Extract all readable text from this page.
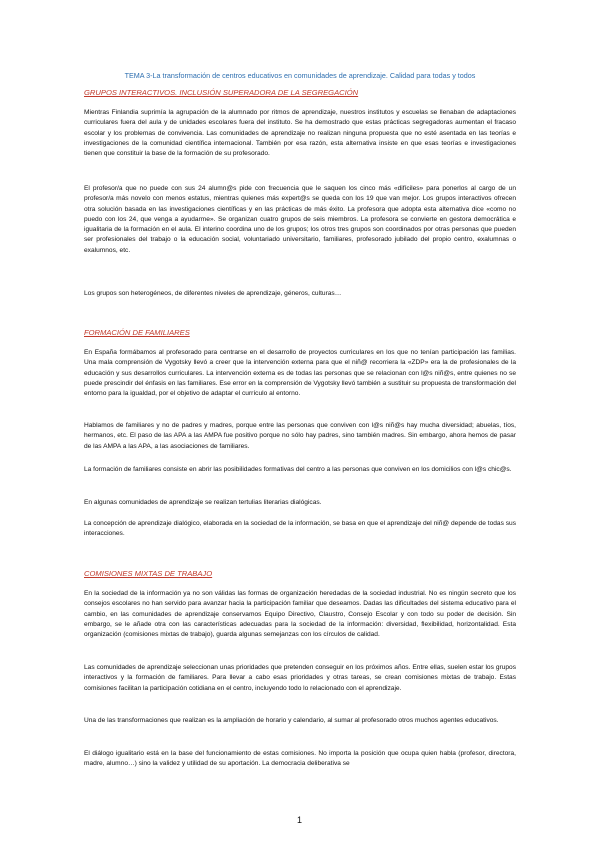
TEMA 3-La transformación de centros educativos en comunidades de aprendizaje. Calidad para todas y todos
GRUPOS INTERACTIVOS. INCLUSIÓN SUPERADORA DE LA SEGREGACIÓN

Mientras Finlandia suprimía la agrupación de la alumnado por ritmos de aprendizaje, nuestros institutos y escuelas se llenaban de adaptaciones curriculares fuera del aula y de unidades escolares fuera del instituto. Se ha demostrado que estas prácticas segregadoras aumentan el fracaso escolar y los problemas de convivencia. Las comunidades de aprendizaje no realizan ninguna propuesta que no esté asentada en las teorías e investigaciones de la comunidad científica internacional. También por esa razón, esta alternativa insiste en que esas teorías e investigaciones tienen que constituir la base de la formación de su profesorado.

El profesor/a que no puede con sus 24 alumn@s pide con frecuencia que le saquen los cinco más «difíciles» para ponerlos al cargo de un profesor/a más novelo con menos estatus, mientras quienes más expert@s se queda con los 19 que van mejor. Los grupos interactivos ofrecen otra solución basada en las investigaciones científicas y en las prácticas de más éxito. La profesora que adopta esta alternativa dice «como no puedo con los 24, que venga a ayudarme». Se organizan cuatro grupos de seis miembros. La profesora se convierte en gestora democrática e igualitaria de la formación en el aula. El interino coordina uno de los grupos; los otros tres grupos son coordinados por otras personas que pueden ser profesionales del trabajo o la educación social, voluntariado universitario, familiares, profesorado jubilado del propio centro, exalumnas o exalumnos, etc.

Los grupos son heterogéneos, de diferentes niveles de aprendizaje, géneros, culturas…

FORMACIÓN DE FAMILIARES

En España formábamos al profesorado para centrarse en el desarrollo de proyectos curriculares en los que no tenían participación las familias. Una mala comprensión de Vygotsky llevó a creer que la intervención externa para que el niñ@ recorriera la «ZDP» era la de profesionales de la educación y sus desarrollos curriculares. La intervención externa es de todas las personas que se relacionan con l@s niñ@s, entre quienes no se puede prescindir del énfasis en las familiares. Ese error en la comprensión de Vygotsky llevó también a sustituir su propuesta de transformación del entorno para la igualdad, por el objetivo de adaptar el currículo al entorno.

Hablamos de familiares y no de padres y madres, porque entre las personas que conviven con l@s niñ@s hay mucha diversidad; abuelas, tíos, hermanos, etc. El paso de las APA a las AMPA fue positivo porque no sólo hay padres, sino también madres. Sin embargo, ahora hemos de pasar de las AMPA a las APA, a las asociaciones de familiares.

La formación de familiares consiste en abrir las posibilidades formativas del centro a las personas que conviven en los domicilios con l@s chic@s.

En algunas comunidades de aprendizaje se realizan tertulias literarias dialógicas.

La concepción de aprendizaje dialógico, elaborada en la sociedad de la información, se basa en que el aprendizaje del niñ@ depende de todas sus interacciones.

COMISIONES MIXTAS DE TRABAJO

En la sociedad de la información ya no son válidas las formas de organización heredadas de la sociedad industrial. No es ningún secreto que los consejos escolares no han servido para avanzar hacia la participación familiar que deseamos. Dadas las dificultades del sistema educativo para el cambio, en las comunidades de aprendizaje conservamos Equipo Directivo, Claustro, Consejo Escolar y con todo su poder de decisión. Sin embargo, se le añade otra con las características adecuadas para la sociedad de la información: diversidad, flexibilidad, horizontalidad. Esta organización (comisiones mixtas de trabajo), guarda algunas semejanzas con los círculos de calidad.

Las comunidades de aprendizaje seleccionan unas prioridades que pretenden conseguir en los próximos años. Entre ellas, suelen estar los grupos interactivos y la formación de familiares. Para llevar a cabo esas prioridades y otras tareas, se crean comisiones mixtas de trabajo. Estas comisiones facilitan la participación cotidiana en el centro, incluyendo todo lo relacionado con el aprendizaje.

Una de las transformaciones que realizan es la ampliación de horario y calendario, al sumar al profesorado otros muchos agentes educativos.

El diálogo igualitario está en la base del funcionamiento de estas comisiones. No importa la posición que ocupa quien habla (profesor, directora, madre, alumno…) sino la validez y utilidad de su aportación. La democracia deliberativa se

1
